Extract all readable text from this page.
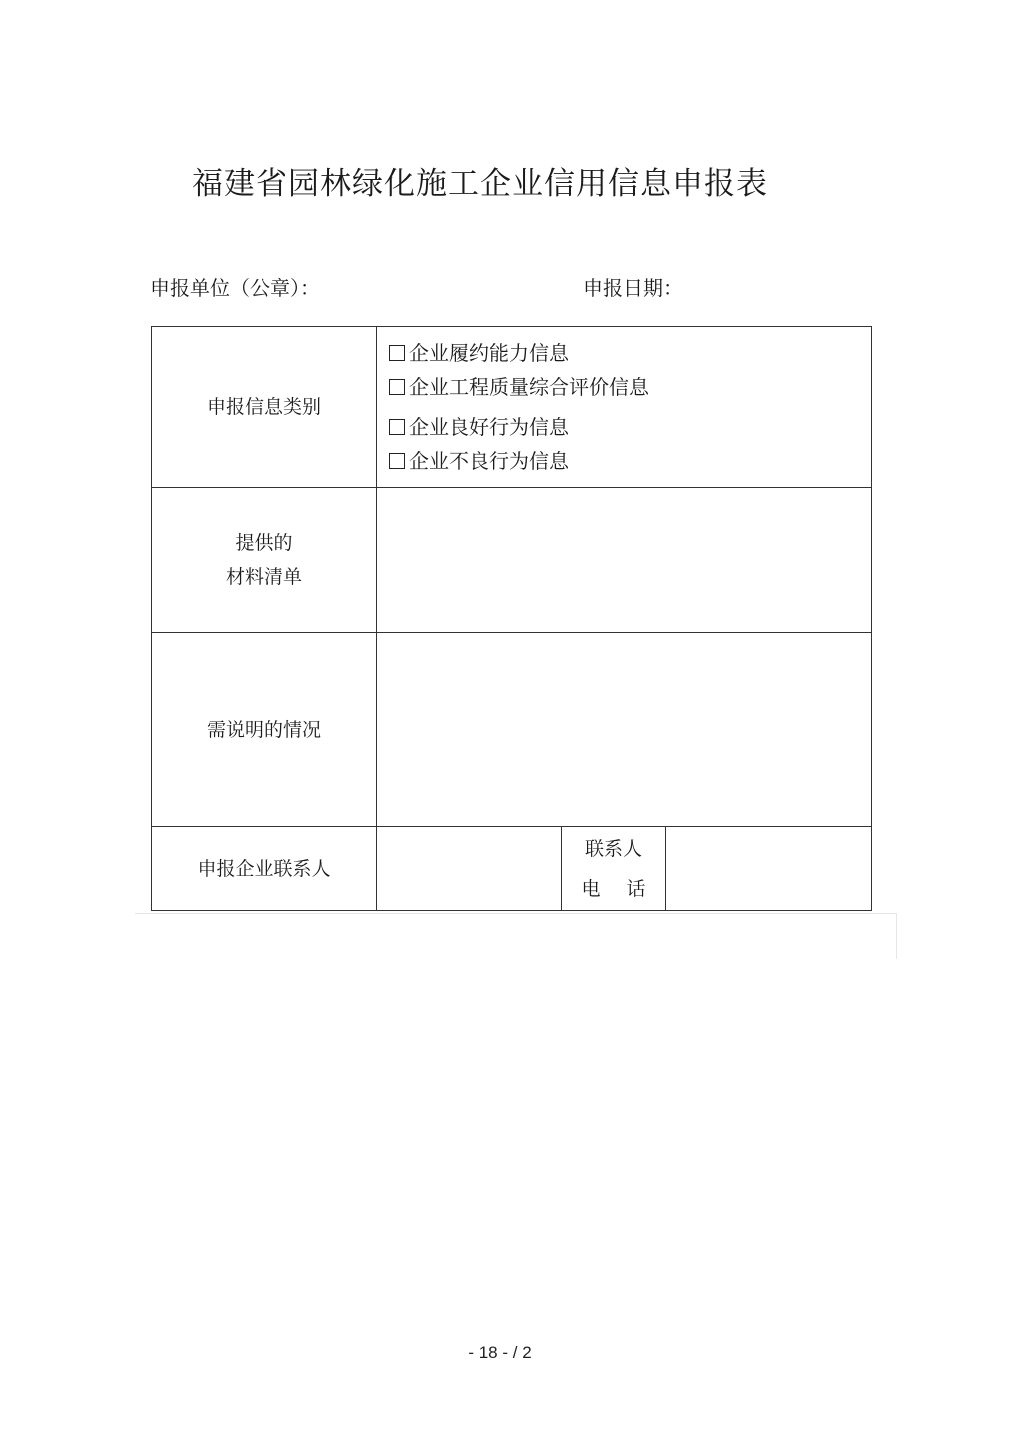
福建省园林绿化施工企业信用信息申报表
申报单位（公章）：	申报日期：
申报信息类别	企业履约能力信息
企业工程质量综合评价信息
企业良好行为信息
企业不良行为信息		

提供的
材料清单			

需说明的情况			
申报企业联系人		联系人
电话	

- 18 - / 2
